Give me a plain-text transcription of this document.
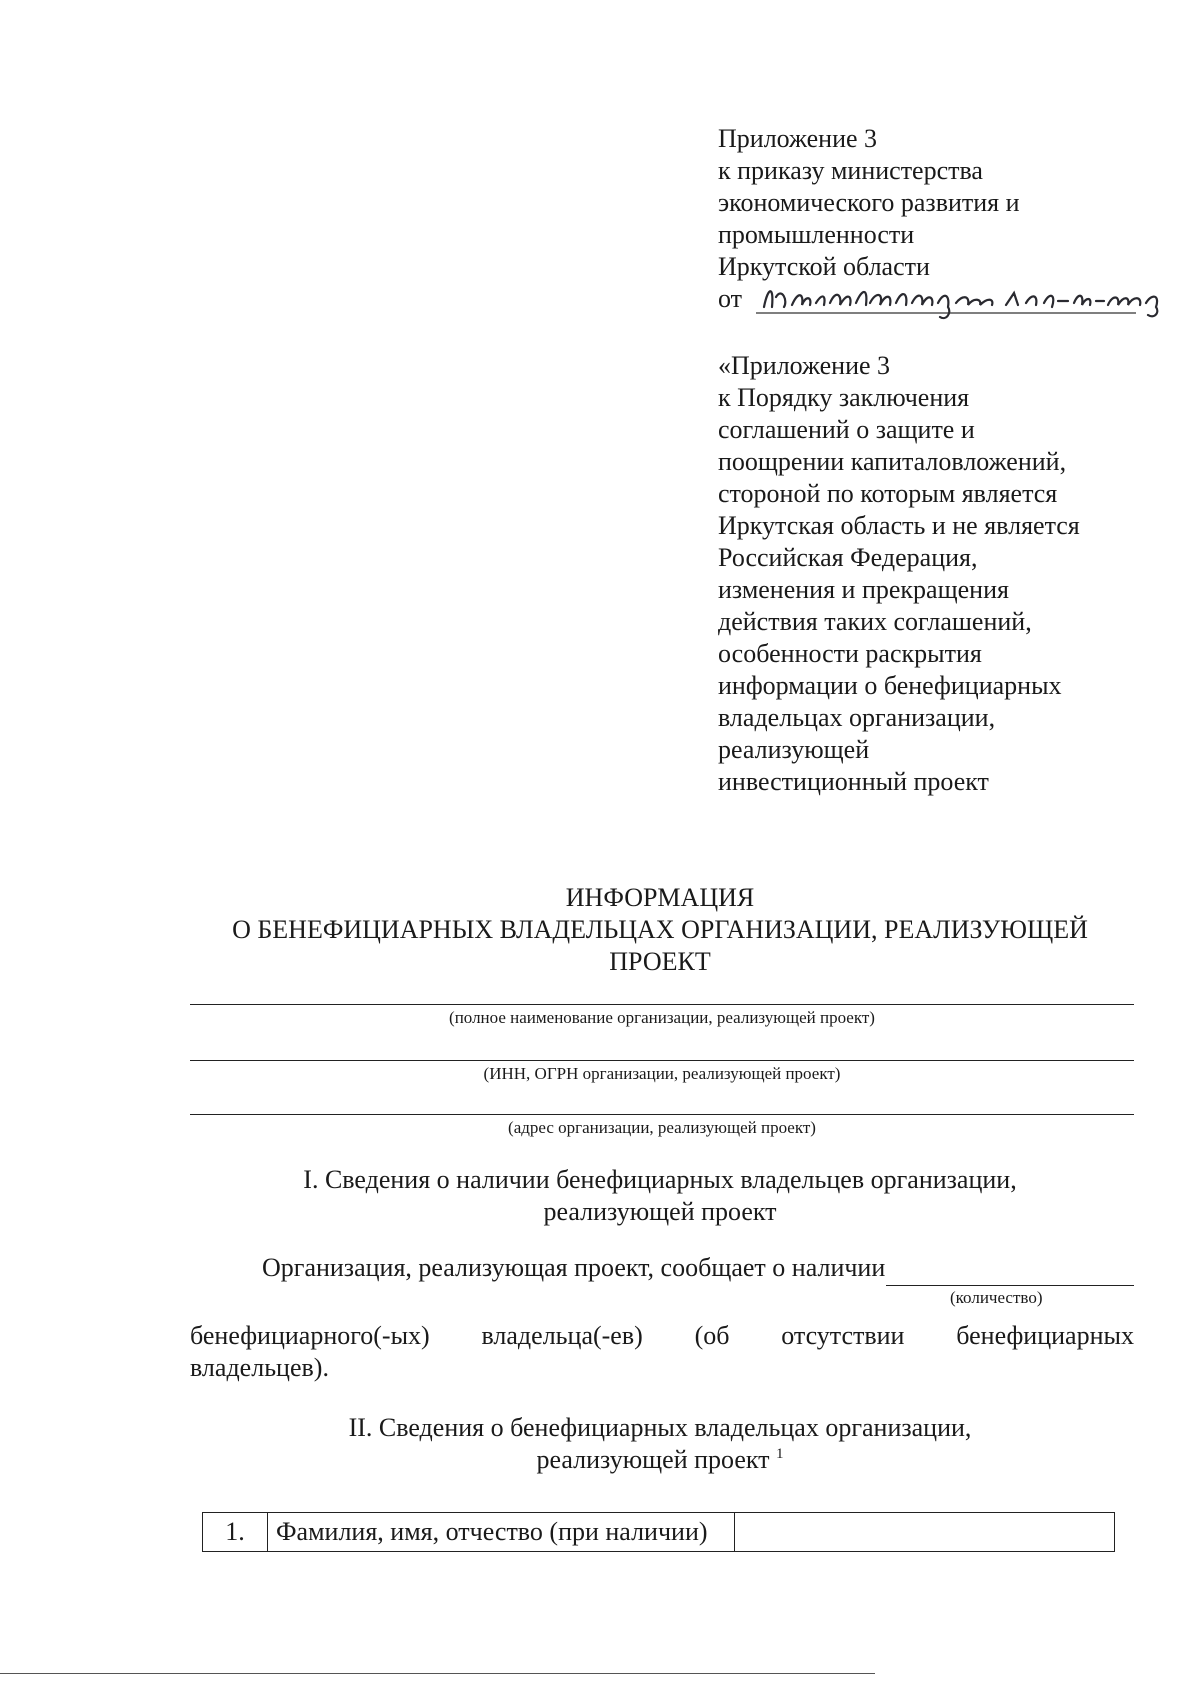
Приложение 3
к приказу министерства
экономического развития и
промышленности
Иркутской области
от
«Приложение 3
к Порядку заключения
соглашений о защите и
поощрении капиталовложений,
стороной по которым является
Иркутская область и не является
Российская Федерация,
изменения и прекращения
действия таких соглашений,
особенности раскрытия
информации о бенефициарных
владельцах организации,
реализующей
инвестиционный проект
ИНФОРМАЦИЯ
О БЕНЕФИЦИАРНЫХ ВЛАДЕЛЬЦАХ ОРГАНИЗАЦИИ, РЕАЛИЗУЮЩЕЙ
ПРОЕКТ
(полное наименование организации, реализующей проект)
(ИНН, ОГРН организации, реализующей проект)
(адрес организации, реализующей проект)
I. Сведения о наличии бенефициарных владельцев организации,
реализующей проект
Организация, реализующая проект, сообщает о наличии
(количество)
бенефициарного(-ых) владельца(-ев) (об отсутствии бенефициарных
владельцев).
II. Сведения о бенефициарных владельцах организации,
реализующей проект $^1$
1.	Фамилия, имя, отчество (при наличии)	
